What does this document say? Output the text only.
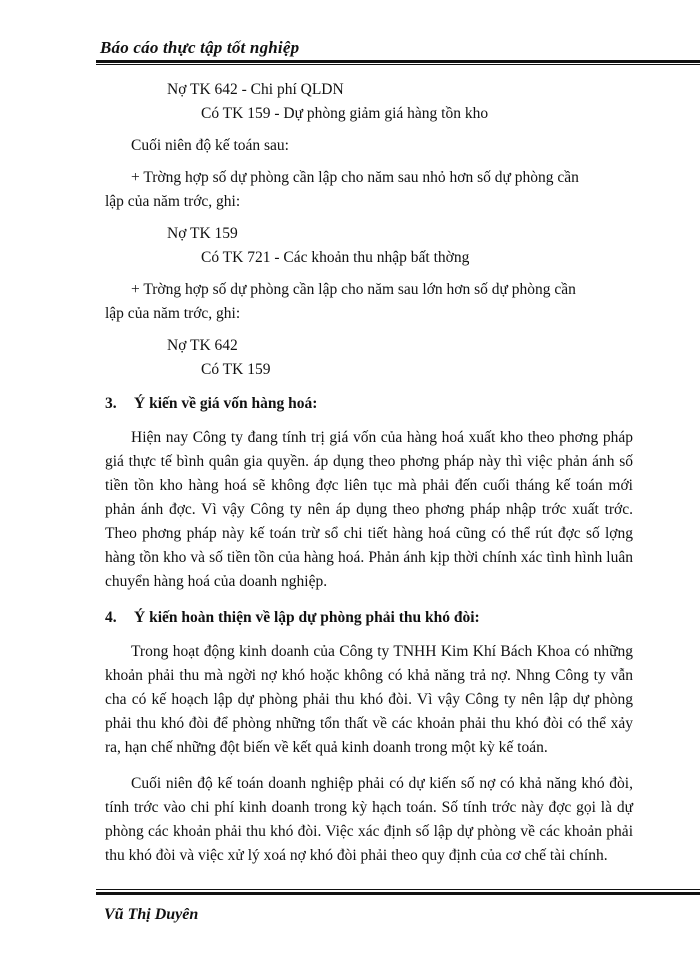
Báo cáo thực tập tốt nghiệp
Nợ TK 642 - Chi phí QLDN
Có TK 159 - Dự phòng giảm giá hàng tồn kho
Cuối niên độ kế toán sau:
+ Trờng hợp số dự phòng cần lập cho năm sau nhỏ hơn số dự phòng cần
lập của năm trớc, ghi:
Nợ TK 159
Có TK 721 - Các khoản thu nhập bất thờng
+ Trờng hợp số dự phòng cần lập cho năm sau lớn hơn số dự phòng cần
lập của năm trớc, ghi:
Nợ TK 642
Có TK 159
3.	Ý kiến về giá vốn hàng hoá:

Hiện nay Công ty đang tính trị giá vốn của hàng hoá xuất kho theo phơng pháp giá thực tế bình quân gia quyền. áp dụng theo phơng pháp này thì việc phản ánh số tiền tồn kho hàng hoá sẽ không đợc liên tục mà phải đến cuối tháng kế toán mới phản ánh đợc. Vì vậy Công ty nên áp dụng theo phơng pháp nhập trớc xuất trớc. Theo phơng pháp này kế toán trừ sổ chi tiết hàng hoá cũng có thể rút đợc số lợng hàng tồn kho và số tiền tồn của hàng hoá. Phản ánh kịp thời chính xác tình hình luân chuyển hàng hoá của doanh nghiệp.

4.	Ý kiến hoàn thiện về lập dự phòng phải thu khó đòi:

Trong hoạt động kinh doanh của Công ty TNHH Kim Khí Bách Khoa có những khoản phải thu mà ngời nợ khó hoặc không có khả năng trả nợ. Nhng Công ty vẫn cha có kế hoạch lập dự phòng phải thu khó đòi. Vì vậy Công ty nên lập dự phòng phải thu khó đòi để phòng những tổn thất về các khoản phải thu khó đòi có thể xảy ra, hạn chế những đột biến về kết quả kinh doanh trong một kỳ kế toán.

Cuối niên độ kế toán doanh nghiệp phải có dự kiến số nợ có khả năng khó đòi, tính trớc vào chi phí kinh doanh trong kỳ hạch toán. Số tính trớc này đợc gọi là dự phòng các khoản phải thu khó đòi. Việc xác định số lập dự phòng về các khoản phải thu khó đòi và việc xử lý xoá nợ khó đòi phải theo quy định của cơ chế tài chính.

Vũ Thị Duyên
